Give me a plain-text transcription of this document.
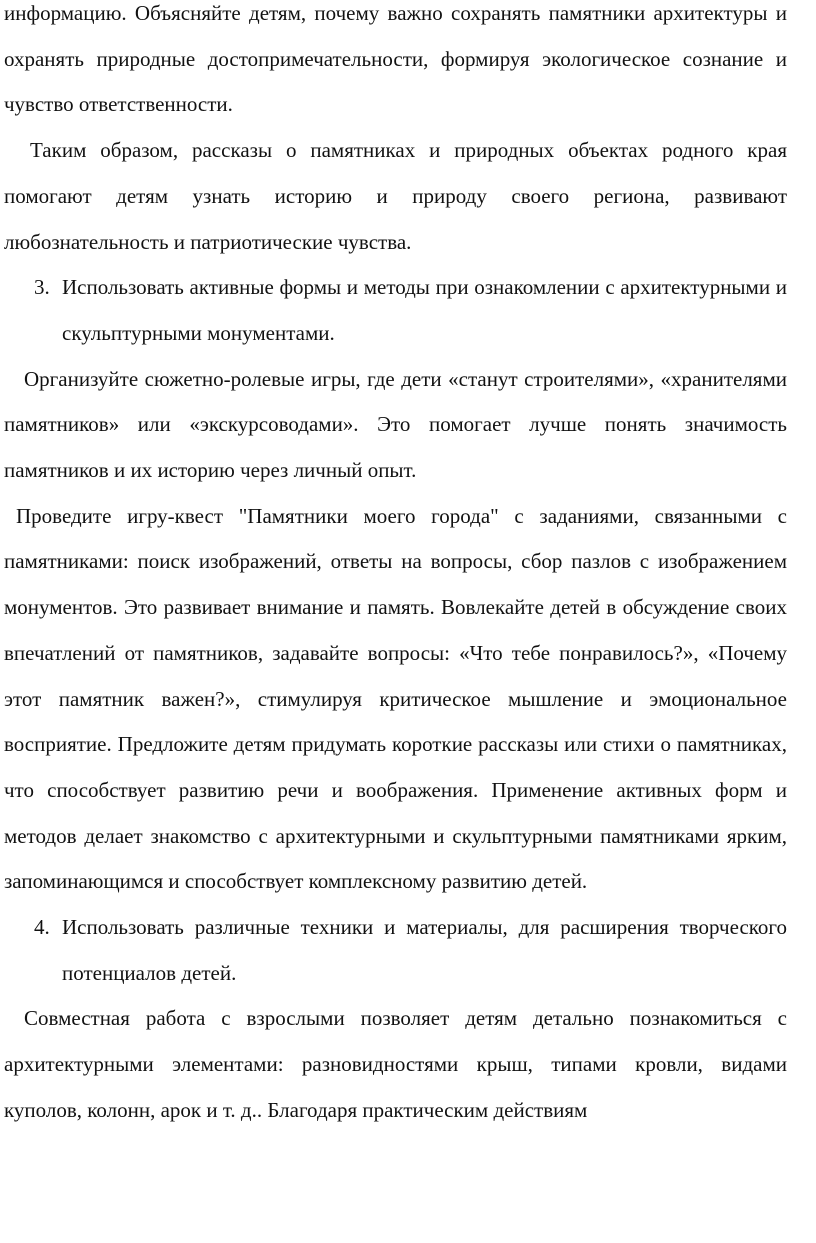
информацию. Объясняйте детям, почему важно сохранять памятники архитектуры и охранять природные достопримечательности, формируя экологическое сознание и чувство ответственности.

Таким образом, рассказы о памятниках и природных объектах родного края помогают детям узнать историю и природу своего региона, развивают любознательность и патриотические чувства.

3. Использовать активные формы и методы при ознакомлении с архитектурными и скульптурными монументами.

Организуйте сюжетно-ролевые игры, где дети «станут строителями», «хранителями памятников» или «экскурсоводами». Это помогает лучше понять значимость памятников и их историю через личный опыт.

Проведите игру-квест "Памятники моего города" с заданиями, связанными с памятниками: поиск изображений, ответы на вопросы, сбор пазлов с изображением монументов. Это развивает внимание и память. Вовлекайте детей в обсуждение своих впечатлений от памятников, задавайте вопросы: «Что тебе понравилось?», «Почему этот памятник важен?», стимулируя критическое мышление и эмоциональное восприятие. Предложите детям придумать короткие рассказы или стихи о памятниках, что способствует развитию речи и воображения. Применение активных форм и методов делает знакомство с архитектурными и скульптурными памятниками ярким, запоминающимся и способствует комплексному развитию детей.

4. Использовать различные техники и материалы, для расширения творческого потенциалов детей.

Совместная работа с взрослыми позволяет детям детально познакомиться с архитектурными элементами: разновидностями крыш, типами кровли, видами куполов, колонн, арок и т. д.. Благодаря практическим действиям
